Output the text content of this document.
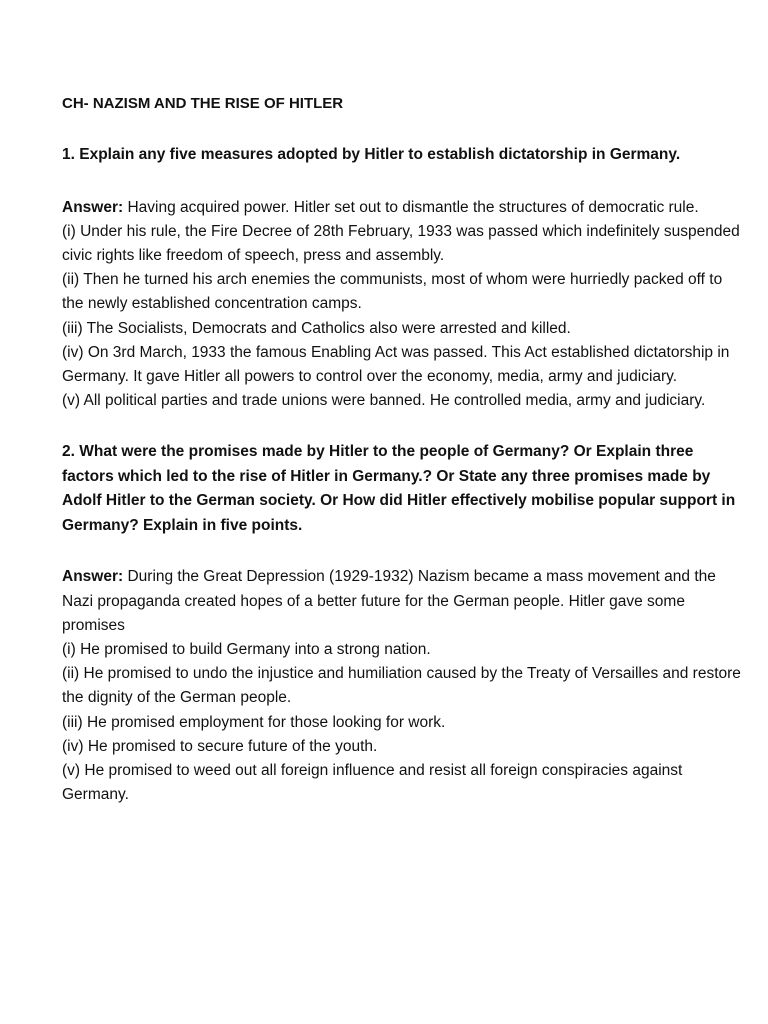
CH- NAZISM AND THE RISE OF HITLER

1. Explain any five measures adopted by Hitler to establish dictatorship in Germany.

Answer: Having acquired power. Hitler set out to dismantle the structures of democratic rule.
(i) Under his rule, the Fire Decree of 28th February, 1933 was passed which indefinitely suspended civic rights like freedom of speech, press and assembly.
(ii) Then he turned his arch enemies the communists, most of whom were hurriedly packed off to the newly established concentration camps.
(iii) The Socialists, Democrats and Catholics also were arrested and killed.
(iv) On 3rd March, 1933 the famous Enabling Act was passed. This Act established dictatorship in Germany. It gave Hitler all powers to control over the economy, media, army and judiciary.
(v) All political parties and trade unions were banned. He controlled media, army and judiciary.

2. What were the promises made by Hitler to the people of Germany? Or Explain three factors which led to the rise of Hitler in Germany.? Or State any three promises made by Adolf Hitler to the German society. Or How did Hitler effectively mobilise popular support in Germany? Explain in five points.

Answer: During the Great Depression (1929-1932) Nazism became a mass movement and the Nazi propaganda created hopes of a better future for the German people. Hitler gave some promises
(i) He promised to build Germany into a strong nation.
(ii) He promised to undo the injustice and humiliation caused by the Treaty of Versailles and restore the dignity of the German people.
(iii) He promised employment for those looking for work.
(iv) He promised to secure future of the youth.
(v) He promised to weed out all foreign influence and resist all foreign conspiracies against Germany.
